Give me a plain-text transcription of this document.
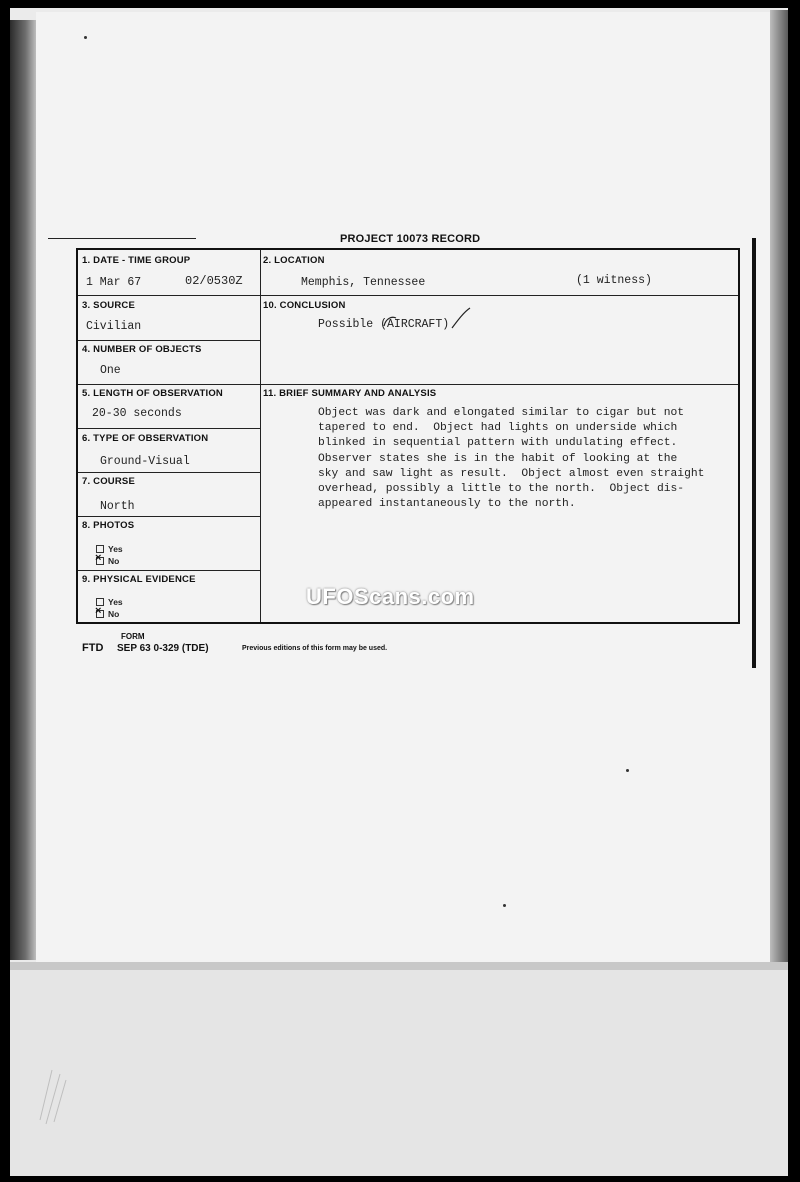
PROJECT 10073 RECORD
1. DATE - TIME GROUP
1 Mar 67	02/0530Z
2. LOCATION
Memphis, Tennessee	(1 witness)
3. SOURCE
Civilian
10. CONCLUSION
Possible (AIRCRAFT)
4. NUMBER OF OBJECTS
One
5. LENGTH OF OBSERVATION
20-30 seconds
11. BRIEF SUMMARY AND ANALYSIS
Object was dark and elongated similar to cigar but not
tapered to end.  Object had lights on underside which
blinked in sequential pattern with undulating effect.
Observer states she is in the habit of looking at the
sky and saw light as result.  Object almost even straight
overhead, possibly a little to the north.  Object dis-
appeared instantaneously to the north.
6. TYPE OF OBSERVATION
Ground-Visual
7. COURSE
North
8. PHOTOS
Yes
×No
9. PHYSICAL EVIDENCE
Yes
×No
UFOScans.com
FORM
FTD SEP 63 0-329 (TDE)	Previous editions of this form may be used.
